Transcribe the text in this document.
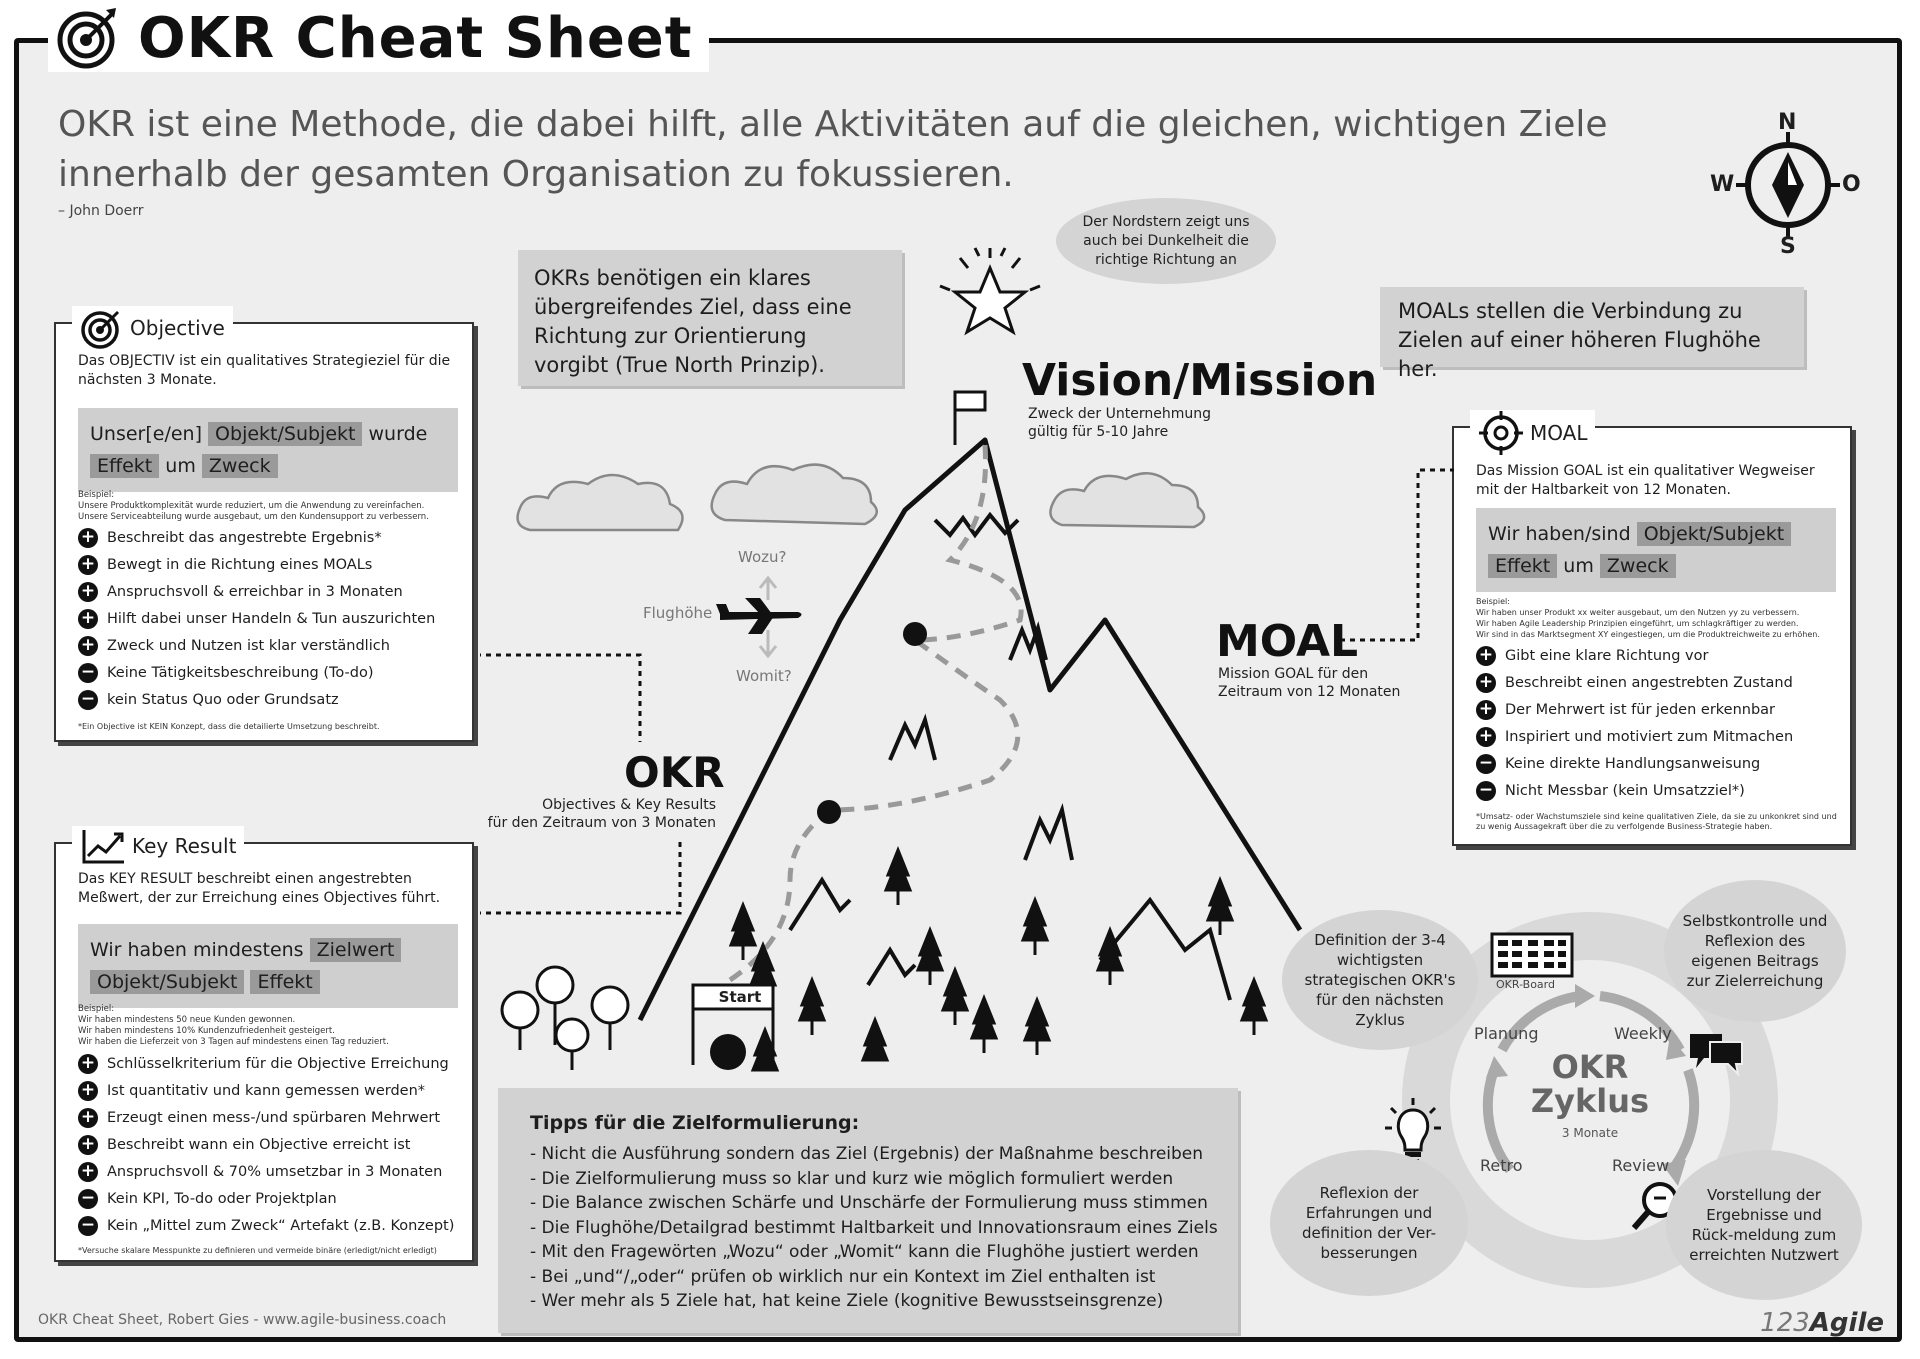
OKR Cheat Sheet
OKR ist eine Methode, die dabei hilft, alle Aktivitäten auf die gleichen, wichtigen Ziele innerhalb der gesamten Organisation zu fokussieren.
– John Doerr
N
W	O
S
Objective
Das OBJECTIV ist ein qualitatives Strategieziel für die nächsten 3 Monate.
Unser[e/en] Objekt/Subjekt wurde
Effekt um Zweck
Beispiel:
Unsere Produktkomplexität wurde reduziert, um die Anwendung zu vereinfachen.
Unsere Serviceabteilung wurde ausgebaut, um den Kundensupport zu verbessern.
+ Beschreibt das angestrebte Ergebnis*
+ Bewegt in die Richtung eines MOALs
+ Anspruchsvoll & erreichbar in 3 Monaten
+ Hilft dabei unser Handeln & Tun auszurichten
+ Zweck und Nutzen ist klar verständlich
− Keine Tätigkeitsbeschreibung (To-do)
− kein Status Quo oder Grundsatz
*Ein Objective ist KEIN Konzept, dass die detailierte Umsetzung beschreibt.
Key Result
Das KEY RESULT beschreibt einen angestrebten Meßwert, der zur Erreichung eines Objectives führt.
Wir haben mindestens Zielwert
Objekt/Subjekt Effekt
Beispiel:
Wir haben mindestens 50 neue Kunden gewonnen.
Wir haben mindestens 10% Kundenzufriedenheit gesteigert.
Wir haben die Lieferzeit von 3 Tagen auf mindestens einen Tag reduziert.
+ Schlüsselkriterium für die Objective Erreichung
+ Ist quantitativ und kann gemessen werden*
+ Erzeugt einen mess-/und spürbaren Mehrwert
+ Beschreibt wann ein Objective erreicht ist
+ Anspruchsvoll & 70% umsetzbar in 3 Monaten
− Kein KPI, To-do oder Projektplan
− Kein „Mittel zum Zweck“ Artefakt (z.B. Konzept)
*Versuche skalare Messpunkte zu definieren und vermeide binäre (erledigt/nicht erledigt)
MOAL
Das Mission GOAL ist ein qualitativer Wegweiser mit der Haltbarkeit von 12 Monaten.
Wir haben/sind Objekt/Subjekt
Effekt um Zweck
Beispiel:
Wir haben unser Produkt xx weiter ausgebaut, um den Nutzen yy zu verbessern.
Wir haben Agile Leadership Prinzipien eingeführt, um schlagkräftiger zu werden.
Wir sind in das Marktsegment XY eingestiegen, um die Produktreichweite zu erhöhen.
+ Gibt eine klare Richtung vor
+ Beschreibt einen angestrebten Zustand
+ Der Mehrwert ist für jeden erkennbar
+ Inspiriert und motiviert zum Mitmachen
− Keine direkte Handlungsanweisung
− Nicht Messbar (kein Umsatzziel*)
*Umsatz- oder Wachstumsziele sind keine qualitativen Ziele, da sie zu unkonkret sind und zu wenig Aussagekraft über die zu verfolgende Business-Strategie haben.
OKRs benötigen ein klares übergreifendes Ziel, dass eine Richtung zur Orientierung vorgibt (True North Prinzip).
MOALs stellen die Verbindung zu Zielen auf einer höheren Flughöhe her.
Der Nordstern zeigt uns auch bei Dunkelheit die richtige Richtung an
Start
Wozu?
Flughöhe
Womit?
Vision/Mission
Zweck der Unternehmung
gültig für 5-10 Jahre
MOAL
Mission GOAL für den
Zeitraum von 12 Monaten
OKR
Objectives & Key Results
für den Zeitraum von 3 Monaten
Tipps für die Zielformulierung:
- Nicht die Ausführung sondern das Ziel (Ergebnis) der Maßnahme beschreiben
- Die Zielformulierung muss so klar und kurz wie möglich formuliert werden
- Die Balance zwischen Schärfe und Unschärfe der Formulierung muss stimmen
- Die Flughöhe/Detailgrad bestimmt Haltbarkeit und Innovationsraum eines Ziels
- Mit den Fragewörten „Wozu“ oder „Womit“ kann die Flughöhe justiert werden
- Bei „und“/„oder“ prüfen ob wirklich nur ein Kontext im Ziel enthalten ist
- Wer mehr als 5 Ziele hat, hat keine Ziele (kognitive Bewusstseinsgrenze)
OKR
Zyklus
3 Monate
Planung	Weekly
Review
Retro
OKR-Board
Definition der 3-4 wichtigsten strategischen OKR's für den nächsten Zyklus
Selbstkontrolle und Reflexion des eigenen Beitrags zur Zielerreichung
Vorstellung der Ergebnisse und Rück-meldung zum erreichten Nutzwert
Reflexion der Erfahrungen und definition der Ver-besserungen
OKR Cheat Sheet, Robert Gies - www.agile-business.coach	123Agile
